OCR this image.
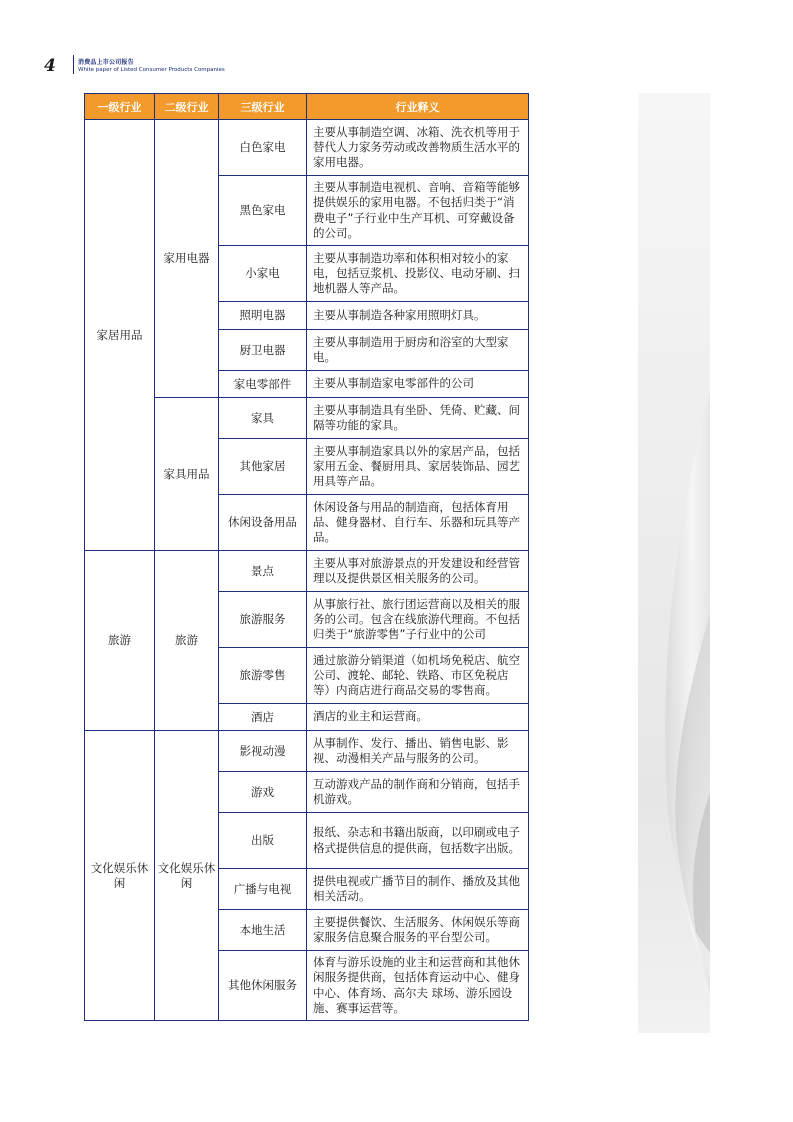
4	消费品上市公司报告
White paper of Listed Consumer Products Companies
一级行业	二级行业	三级行业	行业释义
家居用品	家用电器	白色家电	主要从事制造空调、冰箱、洗衣机等用于替代人力家务劳动或改善物质生活水平的家用电器。
		黑色家电	主要从事制造电视机、音响、音箱等能够提供娱乐的家用电器。不包括归类于“消费电子”子行业中生产耳机、可穿戴设备的公司。
		小家电	主要从事制造功率和体积相对较小的家电，包括豆浆机、投影仪、电动牙刷、扫地机器人等产品。
		照明电器	主要从事制造各种家用照明灯具。
		厨卫电器	主要从事制造用于厨房和浴室的大型家电。
		家电零部件	主要从事制造家电零部件的公司
	家具用品	家具	主要从事制造具有坐卧、凭倚、贮藏、间隔等功能的家具。
		其他家居	主要从事制造家具以外的家居产品，包括家用五金、餐厨用具、家居装饰品、园艺用具等产品。
		休闲设备用品	休闲设备与用品的制造商，包括体育用品、健身器材、自行车、乐器和玩具等产品。
旅游	旅游	景点	主要从事对旅游景点的开发建设和经营管理以及提供景区相关服务的公司。
		旅游服务	从事旅行社、旅行团运营商以及相关的服务的公司。包含在线旅游代理商。不包括归类于“旅游零售”子行业中的公司
		旅游零售	通过旅游分销渠道（如机场免税店、航空公司、渡轮、邮轮、铁路、市区免税店等）内商店进行商品交易的零售商。
		酒店	酒店的业主和运营商。
文化娱乐休闲	文化娱乐休闲	影视动漫	从事制作、发行、播出、销售电影、影视、动漫相关产品与服务的公司。
		游戏	互动游戏产品的制作商和分销商，包括手机游戏。
		出版	报纸、杂志和书籍出版商，以印刷或电子格式提供信息的提供商，包括数字出版。
		广播与电视	提供电视或广播节目的制作、播放及其他相关活动。
		本地生活	主要提供餐饮、生活服务、休闲娱乐等商家服务信息聚合服务的平台型公司。
		其他休闲服务	体育与游乐设施的业主和运营商和其他休闲服务提供商，包括体育运动中心、健身中心、体育场、高尔夫 球场、游乐园设施、赛事运营等。
